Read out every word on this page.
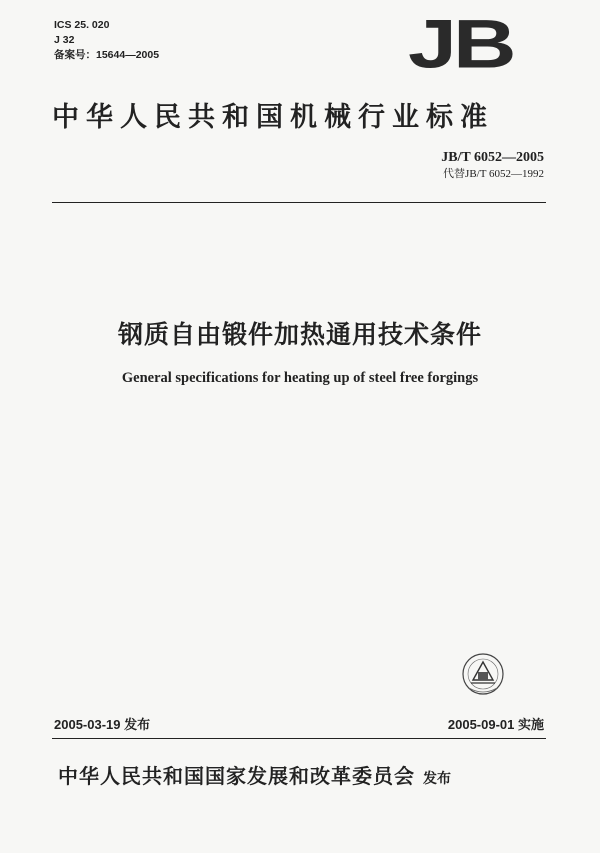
ICS 25. 020
J 32
备案号：15644—2005	JB
中华人民共和国机械行业标准
JB/T 6052—2005
代替JB/T 6052—1992
钢质自由锻件加热通用技术条件
General specifications for heating up of steel free forgings
2005-03-19 发布	2005-09-01 实施
中华人民共和国国家发展和改革委员会 发布
